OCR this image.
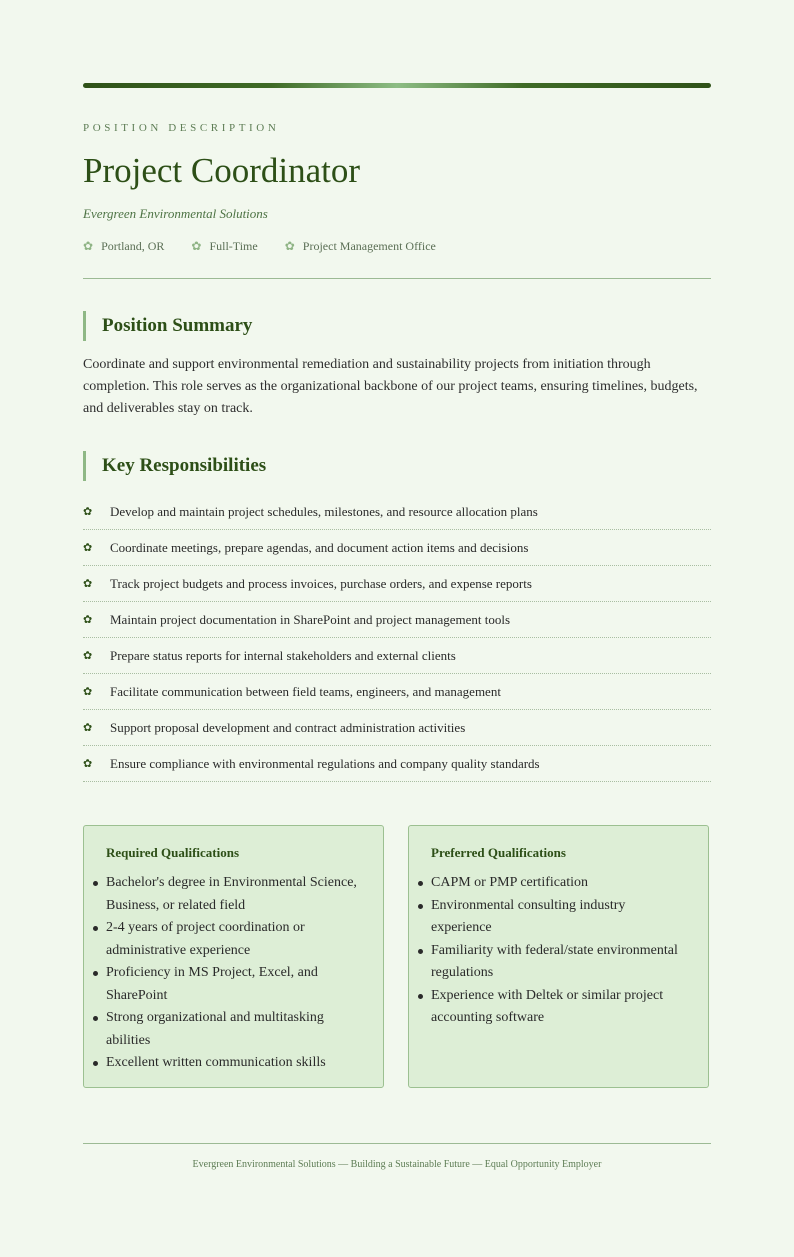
POSITION DESCRIPTION
Project Coordinator
Evergreen Environmental Solutions
✿ Portland, OR ✿ Full-Time ✿ Project Management Office
Position Summary

Coordinate and support environmental remediation and sustainability projects from initiation through completion. This role serves as the organizational backbone of our project teams, ensuring timelines, budgets, and deliverables stay on track.

Key Responsibilities
✿	Develop and maintain project schedules, milestones, and resource allocation plans
✿	Coordinate meetings, prepare agendas, and document action items and decisions
✿	Track project budgets and process invoices, purchase orders, and expense reports
✿	Maintain project documentation in SharePoint and project management tools
✿	Prepare status reports for internal stakeholders and external clients
✿	Facilitate communication between field teams, engineers, and management
✿	Support proposal development and contract administration activities
✿	Ensure compliance with environmental regulations and company quality standards
Required Qualifications
Bachelor's degree in Environmental Science, Business, or related field
2-4 years of project coordination or administrative experience
Proficiency in MS Project, Excel, and SharePoint
Strong organizational and multitasking abilities
Excellent written communication skills
Preferred Qualifications
CAPM or PMP certification
Environmental consulting industry experience
Familiarity with federal/state environmental regulations
Experience with Deltek or similar project accounting software
Evergreen Environmental Solutions — Building a Sustainable Future — Equal Opportunity Employer
